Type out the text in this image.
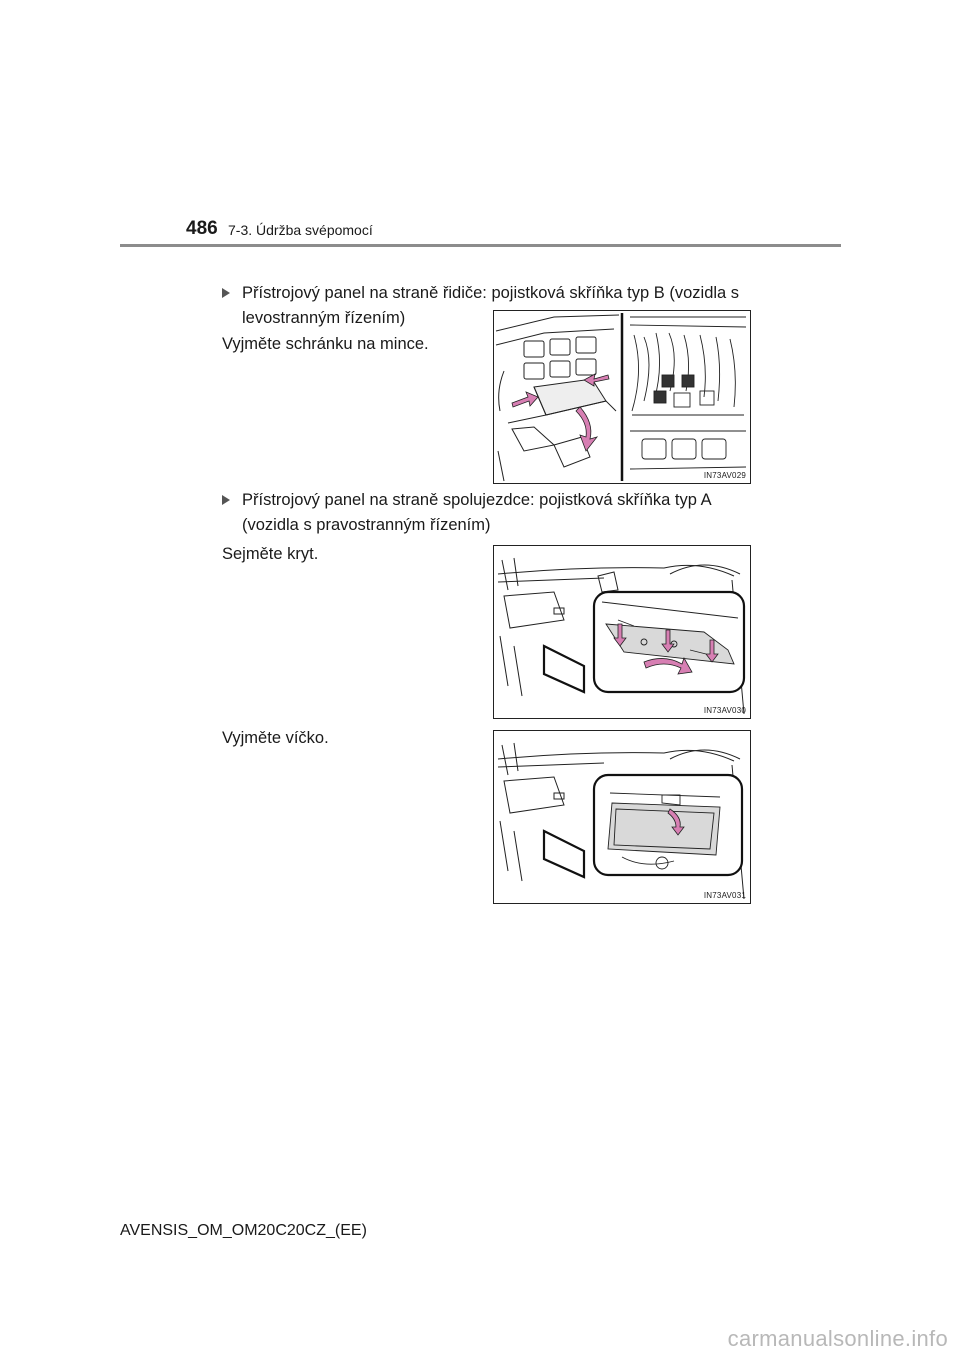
486 7-3. Údržba svépomocí
Přístrojový panel na straně řidiče: pojistková skříňka typ B (vozidla s levostranným řízením)
Vyjměte schránku na mince.
IN73AV029
Přístrojový panel na straně spolujezdce: pojistková skříňka typ A (vozidla s pravostranným řízením)
Sejměte kryt.
IN73AV030
Vyjměte víčko.
IN73AV031
AVENSIS_OM_OM20C20CZ_(EE)
carmanualsonline.info
